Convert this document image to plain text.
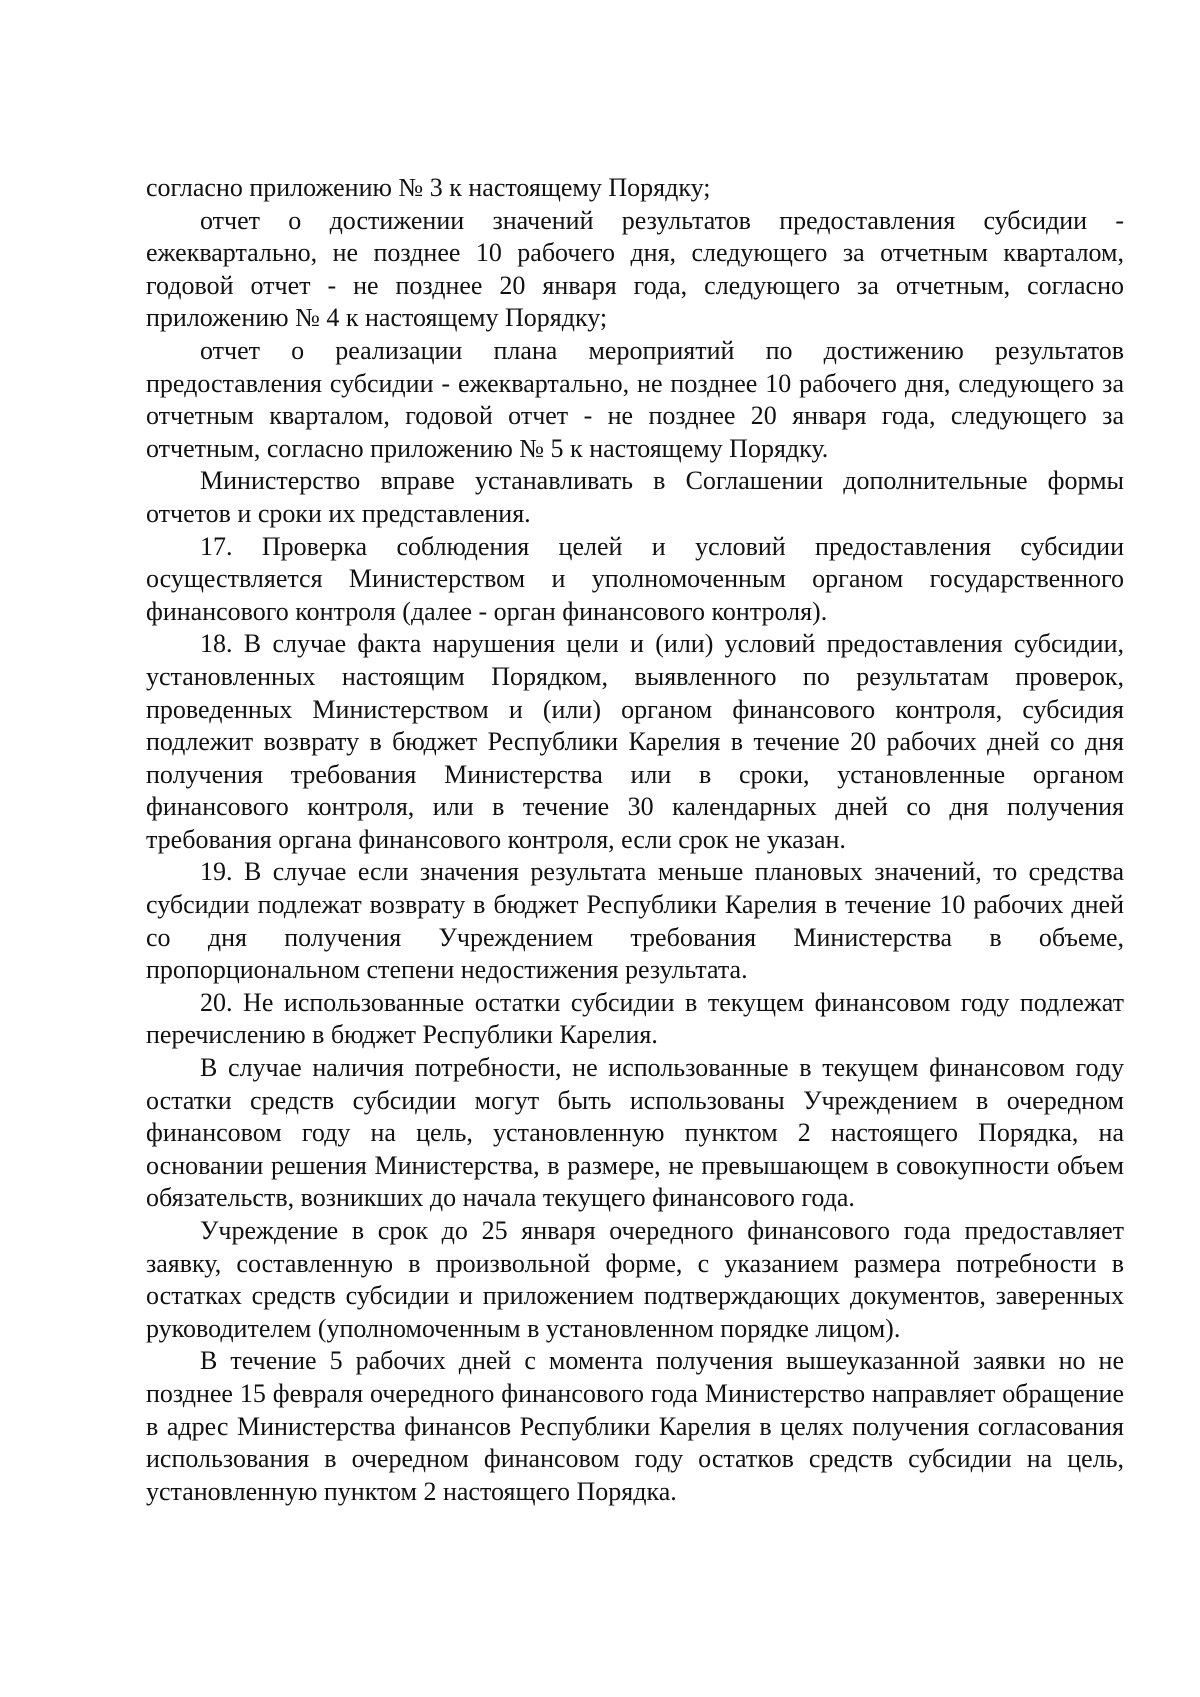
согласно приложению № 3 к настоящему Порядку;

отчет о достижении значений результатов предоставления субсидии - ежеквартально, не позднее 10 рабочего дня, следующего за отчетным кварталом, годовой отчет - не позднее 20 января года, следующего за отчетным, согласно приложению № 4 к настоящему Порядку;

отчет о реализации плана мероприятий по достижению результатов предоставления субсидии - ежеквартально, не позднее 10 рабочего дня, следующего за отчетным кварталом, годовой отчет - не позднее 20 января года, следующего за отчетным, согласно приложению № 5 к настоящему Порядку.

Министерство вправе устанавливать в Соглашении дополнительные формы отчетов и сроки их представления.

17. Проверка соблюдения целей и условий предоставления субсидии осуществляется Министерством и уполномоченным органом государственного финансового контроля (далее - орган финансового контроля).

18. В случае факта нарушения цели и (или) условий предоставления субсидии, установленных настоящим Порядком, выявленного по результатам проверок, проведенных Министерством и (или) органом финансового контроля, субсидия подлежит возврату в бюджет Республики Карелия в течение 20 рабочих дней со дня получения требования Министерства или в сроки, установленные органом финансового контроля, или в течение 30 календарных дней со дня получения требования органа финансового контроля, если срок не указан.

19. В случае если значения результата меньше плановых значений, то средства субсидии подлежат возврату в бюджет Республики Карелия в течение 10 рабочих дней со дня получения Учреждением требования Министерства в объеме, пропорциональном степени недостижения результата.

20. Не использованные остатки субсидии в текущем финансовом году подлежат перечислению в бюджет Республики Карелия.

В случае наличия потребности, не использованные в текущем финансовом году остатки средств субсидии могут быть использованы Учреждением в очередном финансовом году на цель, установленную пунктом 2 настоящего Порядка, на основании решения Министерства, в размере, не превышающем в совокупности объем обязательств, возникших до начала текущего финансового года.

Учреждение в срок до 25 января очередного финансового года предоставляет заявку, составленную в произвольной форме, с указанием размера потребности в остатках средств субсидии и приложением подтверждающих документов, заверенных руководителем (уполномоченным в установленном порядке лицом).

В течение 5 рабочих дней с момента получения вышеуказанной заявки но не позднее 15 февраля очередного финансового года Министерство направляет обращение в адрес Министерства финансов Республики Карелия в целях получения согласования использования в очередном финансовом году остатков средств субсидии на цель, установленную пунктом 2 настоящего Порядка.
